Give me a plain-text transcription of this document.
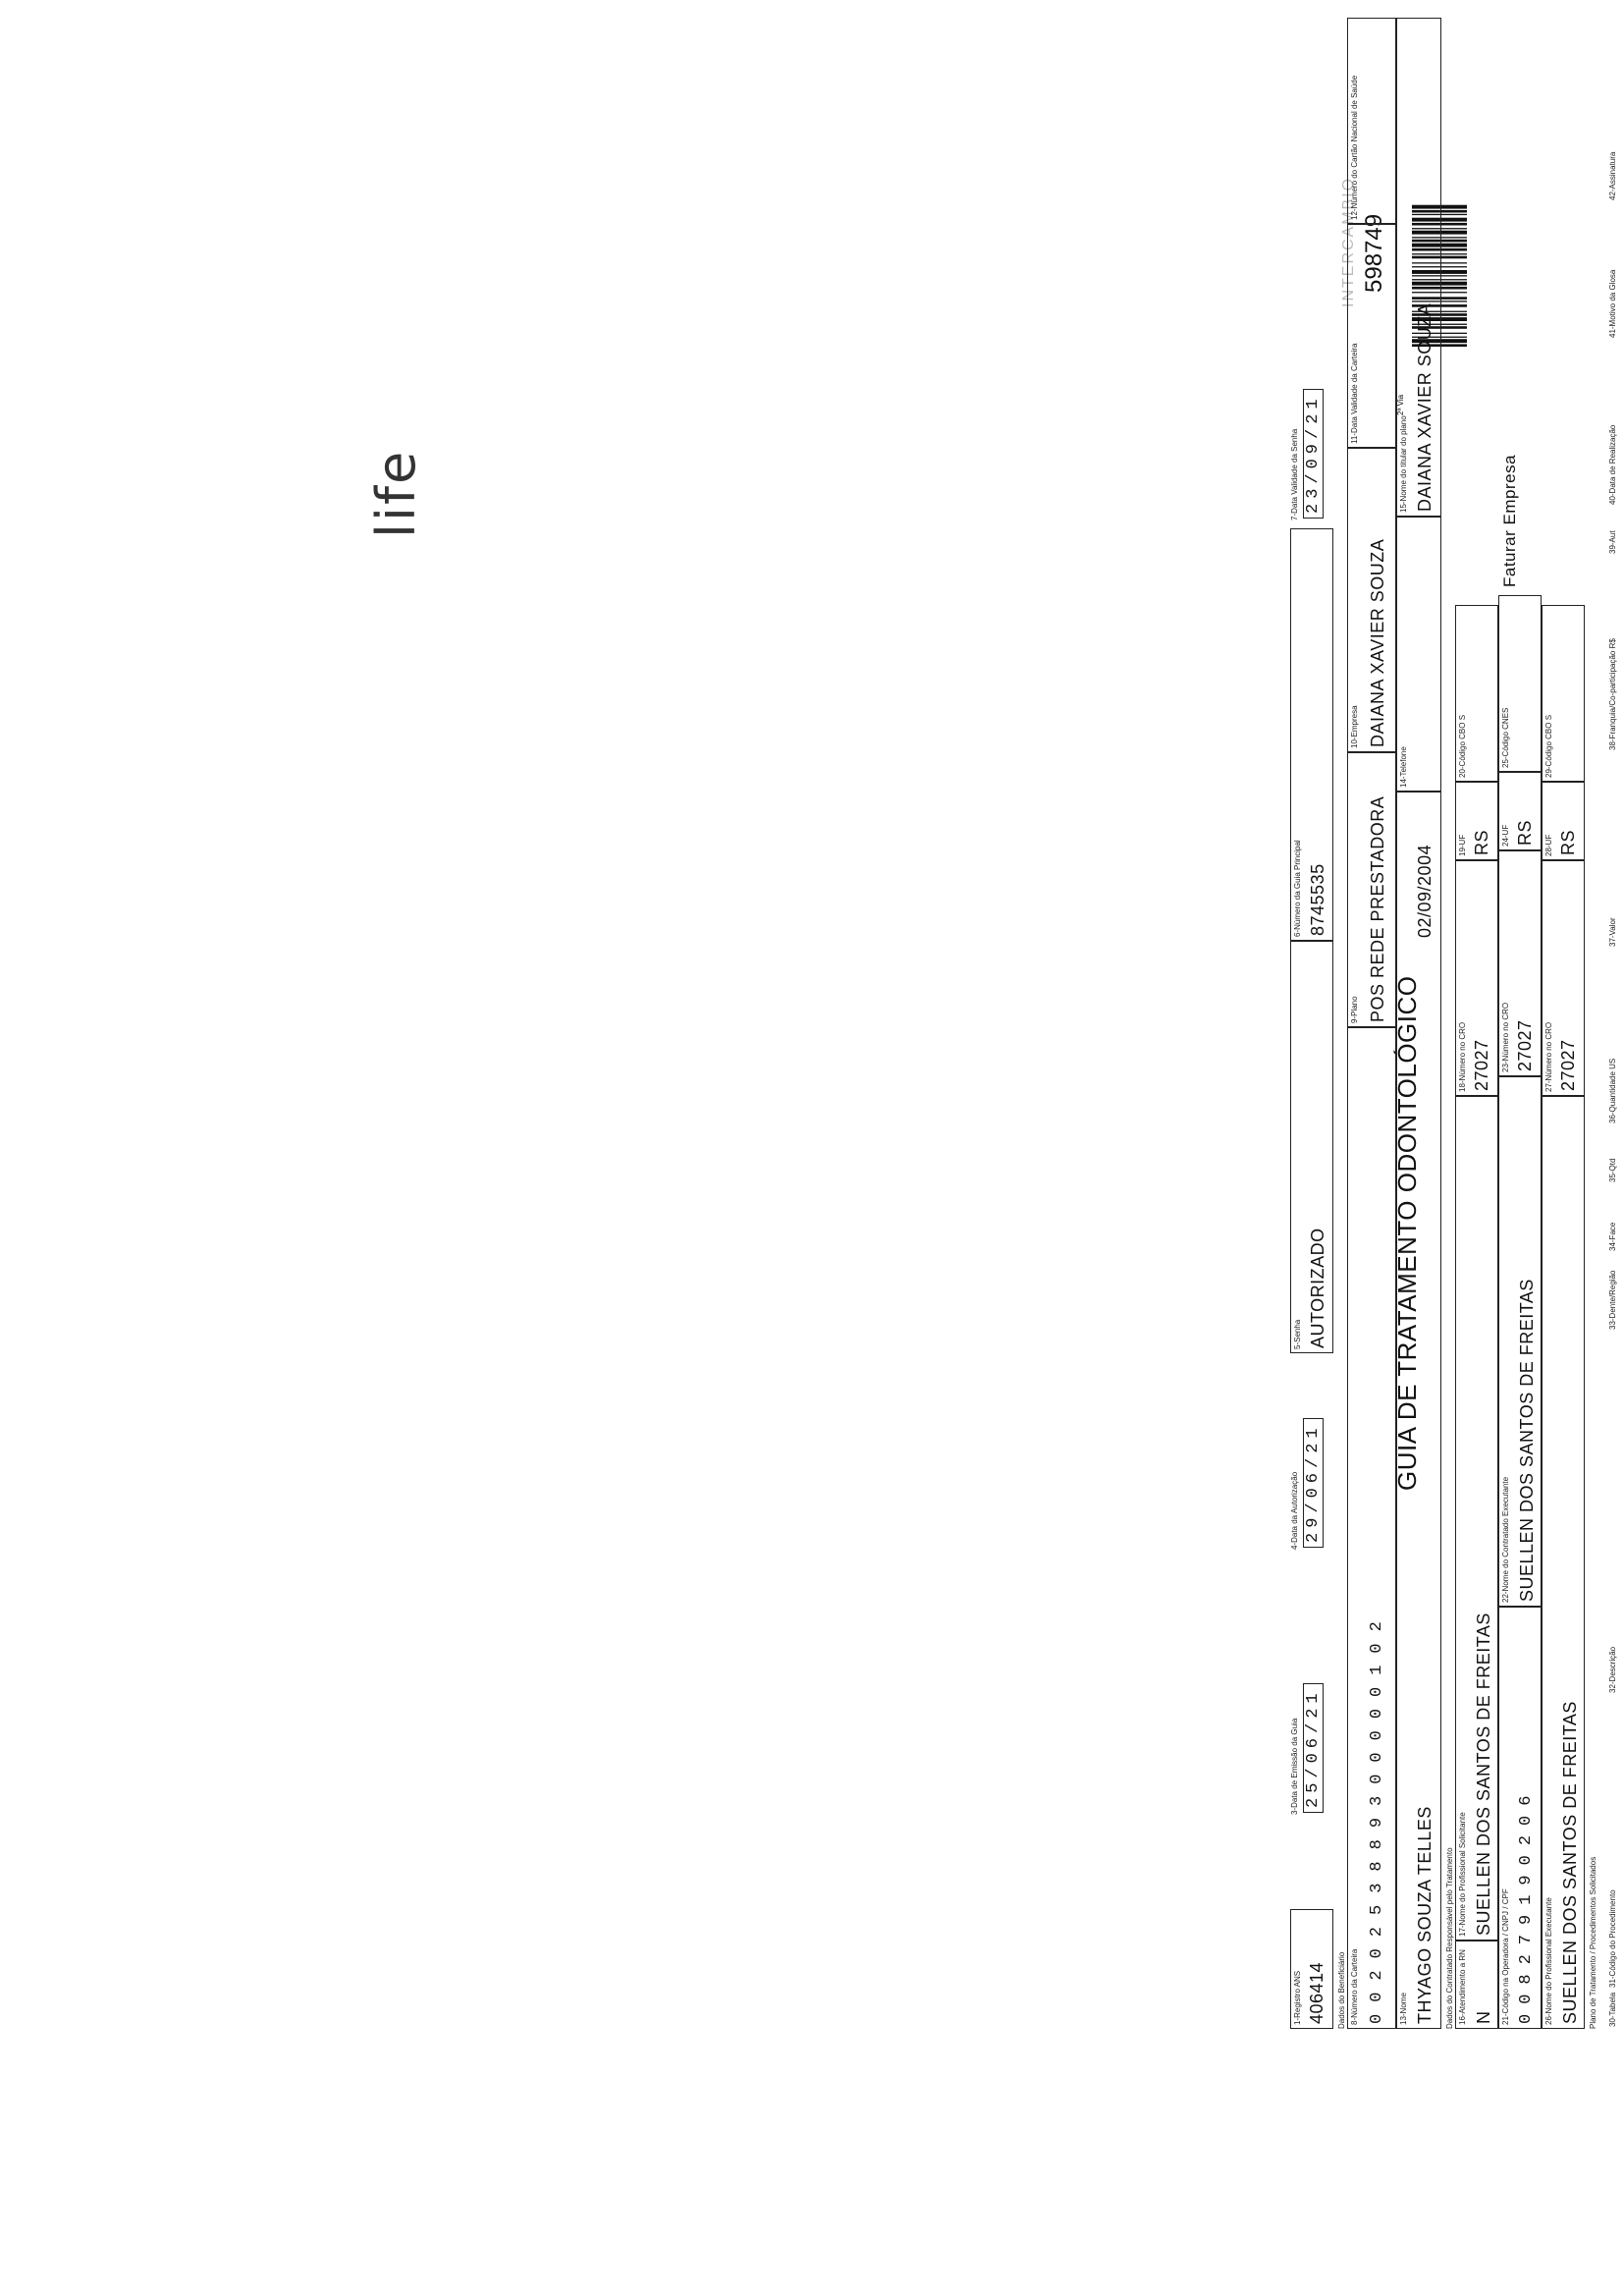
life
GUIA DE TRATAMENTO ODONTOLÓGICO
598749
INTERCAMBIO
2ª Via
1-Registro ANS 406414
3-Data de Emissão da Guia 25/06/21
4-Data da Autorização 29/06/21
5-Senha AUTORIZADO
6-Número da Guia Principal 8745535
7-Data Validade da Senha 23/09/21
Dados do Beneficiário 8-Número da Carteira 0020253889300000102
9-Plano POS REDE PRESTADORA
10-Empresa DAIANA XAVIER SOUZA
11-Data Validade da Carteira
12-Número do Cartão Nacional de Saúde
13-Nome THYAGO SOUZA TELLES
02/09/2004
14-Telefone
15-Nome do titular do plano DAIANA XAVIER SOUZA
Dados do Contratado Responsável pelo Tratamento 16-Atendimento a RN N
17-Nome do Profissional Solicitante SUELLEN DOS SANTOS DE FREITAS
18-Número no CRO 27027
19-UF RS
20-Código CBO S
Faturar Empresa
21-Código na Operadora / CNPJ / CPF 008279190206
22-Nome do Contratado Executante SUELLEN DOS SANTOS DE FREITAS
23-Número no CRO 27027
24-UF RS
25-Código CNES
26-Nome do Profissional Executante SUELLEN DOS SANTOS DE FREITAS
27-Número no CRO 27027
28-UF RS
29-Código CBO S
Plano de Tratamento / Procedimentos Solicitados 30-Tabela
31-Código do Procedimento
32-Descrição
33-Dente/Região
34-Face
35-Qtd
36-Quantidade US
37-Valor
38-Franquia/Co-participação R$
39-Aut
40-Data de Realização
41-Motivo da Glosa
42-Assinatura
